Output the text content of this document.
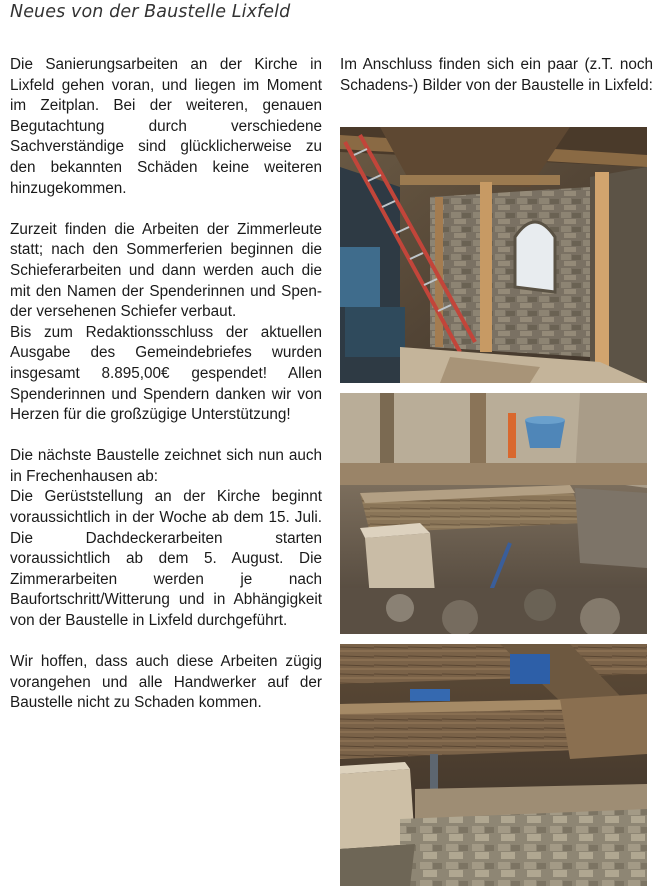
Neues von der Baustelle Lixfeld

Die Sanierungsarbeiten an der Kirche in Lixfeld gehen voran, und liegen im Moment im Zeitplan. Bei der weiteren, genauen Begutachtung durch verschiedene Sachverständige sind glücklicherweise zu den bekannten Schäden keine weiteren hinzugekommen.

Zurzeit finden die Arbeiten der Zimmerleute statt; nach den Sommerferien beginnen die Schieferarbeiten und dann werden auch die mit den Namen der Spenderinnen und Spender versehenen Schiefer verbaut.

Bis zum Redaktionsschluss der aktuellen Ausgabe des Gemeindebriefes wurden insgesamt 8.895,00€ gespendet! Allen Spenderinnen und Spendern danken wir von Herzen für die großzügige Unterstützung!

Die nächste Baustelle zeichnet sich nun auch in Frechenhausen ab:

Die Gerüststellung an der Kirche beginnt voraussichtlich in der Woche ab dem 15. Juli. Die Dachdeckerarbeiten starten voraussichtlich ab dem 5. August. Die Zimmerarbeiten werden je nach Baufortschritt/Witterung und in Abhängigkeit von der Baustelle in Lixfeld durchgeführt.

Wir hoffen, dass auch diese Arbeiten zügig vorangehen und alle Handwerker auf der Baustelle nicht zu Schaden kommen.

Im Anschluss finden sich ein paar (z.T. noch Schadens-) Bilder von der Baustelle in Lixfeld:
